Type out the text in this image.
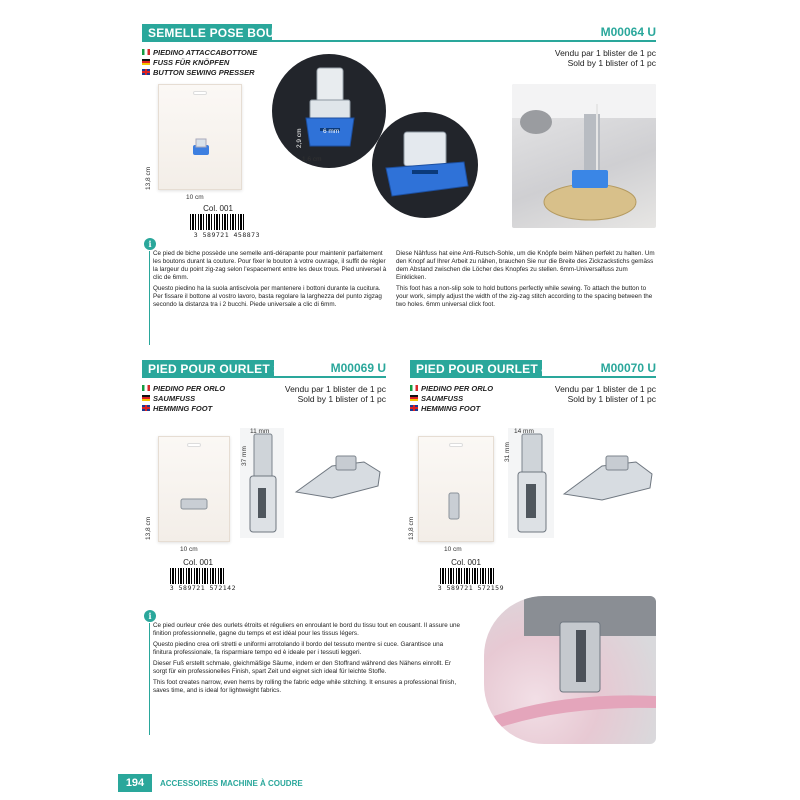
SEMELLE POSE BOUTONS	M00064 U
PIEDINO ATTACCABOTTONE
FUSS FÜR KNÖPFEN
BUTTON SEWING PRESSER
Vendu par 1 blister de 1 pc
Sold by 1 blister of 1 pc
13,8 cm
10 cm
Col. 001
3 589721 458873
2,9 cm
1,6 cm
6 mm
i

Ce pied de biche possède une semelle anti-dérapante pour maintenir parfaitement les boutons durant la couture. Pour fixer le bouton à votre ouvrage, il suffit de régler la largeur du point zig-zag selon l'espacement entre les deux trous. Pied universel à clic de 6mm.

Questo piedino ha la suola antiscivola per mantenere i bottoni durante la cucitura. Per fissare il bottone al vostro lavoro, basta regolare la larghezza del punto zigzag secondo la distanza tra i 2 bucchi. Piede universale a clic di 6mm.

Diese Nähfuss hat eine Anti-Rutsch-Sohle, um die Knöpfe beim Nähen perfekt zu halten. Um den Knopf auf Ihrer Arbeit zu nähen, brauchen Sie nur die Breite des Zickzackstichs gemäss dem Abstand zwischen die Löcher des Knopfes zu stellen. 6mm-Universalfuss zum Einklicken.

This foot has a non-slip sole to hold buttons perfectly while sewing. To attach the button to your work, simply adjust the width of the zig-zag stitch according to the spacing between the two holes. 6mm universal click foot.

PIED POUR OURLET 3MM	M00069 U
PIEDINO PER ORLO
SAUMFUSS
HEMMING FOOT
Vendu par 1 blister de 1 pc
Sold by 1 blister of 1 pc
13,8 cm
10 cm
11 mm
37 mm
Col. 001
3 589721 572142
PIED POUR OURLET 4 MM	M00070 U
PIEDINO PER ORLO
SAUMFUSS
HEMMING FOOT
Vendu par 1 blister de 1 pc
Sold by 1 blister of 1 pc
13,8 cm
10 cm
14 mm
31 mm
Col. 001
3 589721 572159
i

Ce pied ourleur crée des ourlets étroits et réguliers en enroulant le bord du tissu tout en cousant. Il assure une finition professionnelle, gagne du temps et est idéal pour les tissus légers.

Questo piedino crea orli stretti e uniformi arrotolando il bordo del tessuto mentre si cuce. Garantisce una finitura professionale, fa risparmiare tempo ed è ideale per i tessuti leggeri.

Dieser Fuß erstellt schmale, gleichmäßige Säume, indem er den Stoffrand während des Nähens einrollt. Er sorgt für ein professionelles Finish, spart Zeit und eignet sich ideal für leichte Stoffe.

This foot creates narrow, even hems by rolling the fabric edge while stitching. It ensures a professional finish, saves time, and is ideal for lightweight fabrics.

194	ACCESSOIRES MACHINE À COUDRE
